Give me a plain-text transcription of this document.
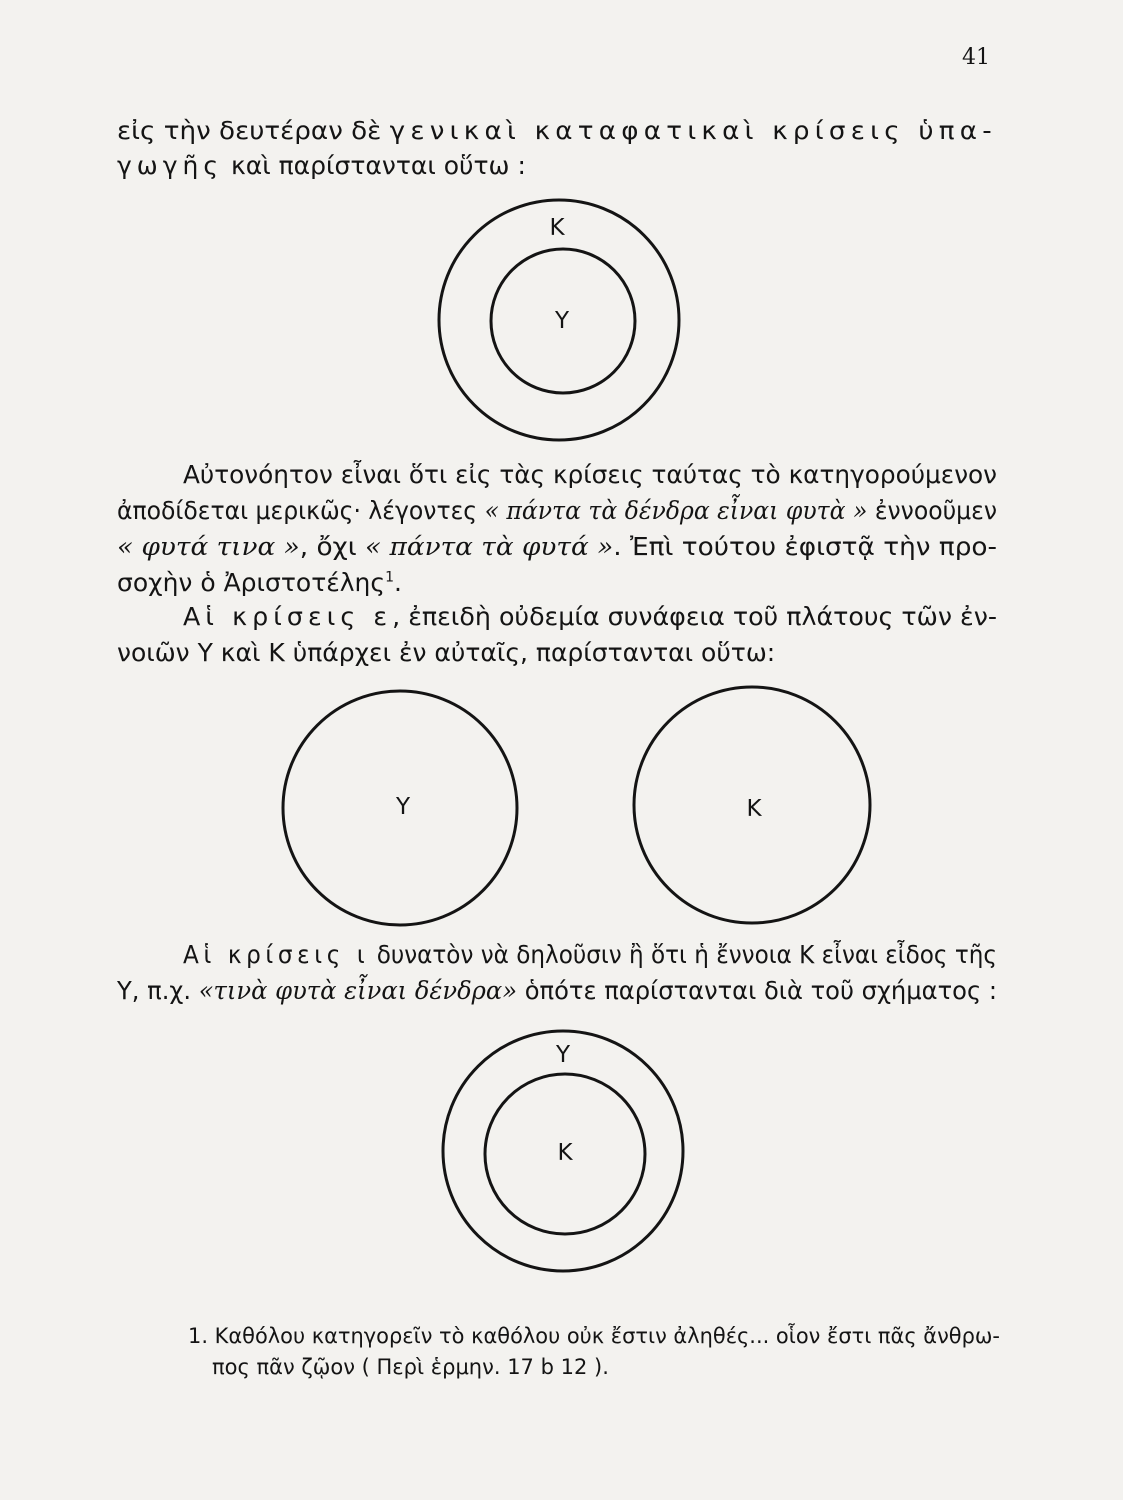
41
εἰς τὴν δευτέραν δὲ γενικαὶ καταφατικαὶ κρίσεις ὑπα-
γωγῆς καὶ παρίστανται οὕτω :
Κ
Υ
Αὐτονόητον εἶναι ὅτι εἰς τὰς κρίσεις ταύτας τὸ κατηγορούμενον
ἀποδίδεται μερικῶς· λέγοντες « πάντα τὰ δένδρα εἶναι φυτὰ » ἐννοοῦμεν
« φυτά τινα », ὄχι « πάντα τὰ φυτά ». Ἐπὶ τούτου ἐφιστᾷ τὴν προ-
σοχὴν ὁ Ἀριστοτέλης$^1$.
Αἱ κρίσεις ε, ἐπειδὴ οὐδεμία συνάφεια τοῦ πλάτους τῶν ἐν-
νοιῶν Υ καὶ Κ ὑπάρχει ἐν αὐταῖς, παρίστανται οὕτω:
Υ	Κ
Αἱ κρίσεις ι δυνατὸν νὰ δηλοῦσιν ἢ ὅτι ἡ ἔννοια Κ εἶναι εἶδος τῆς
Υ, π.χ. «τινὰ φυτὰ εἶναι δένδρα» ὁπότε παρίστανται διὰ τοῦ σχήματος :
Υ
Κ
1. Καθόλου κατηγορεῖν τὸ καθόλου οὐκ ἔστιν ἀληθές... οἷον ἔστι πᾶς ἄνθρω-
πος πᾶν ζῷον ( Περὶ ἑρμην. 17 b 12 ).
